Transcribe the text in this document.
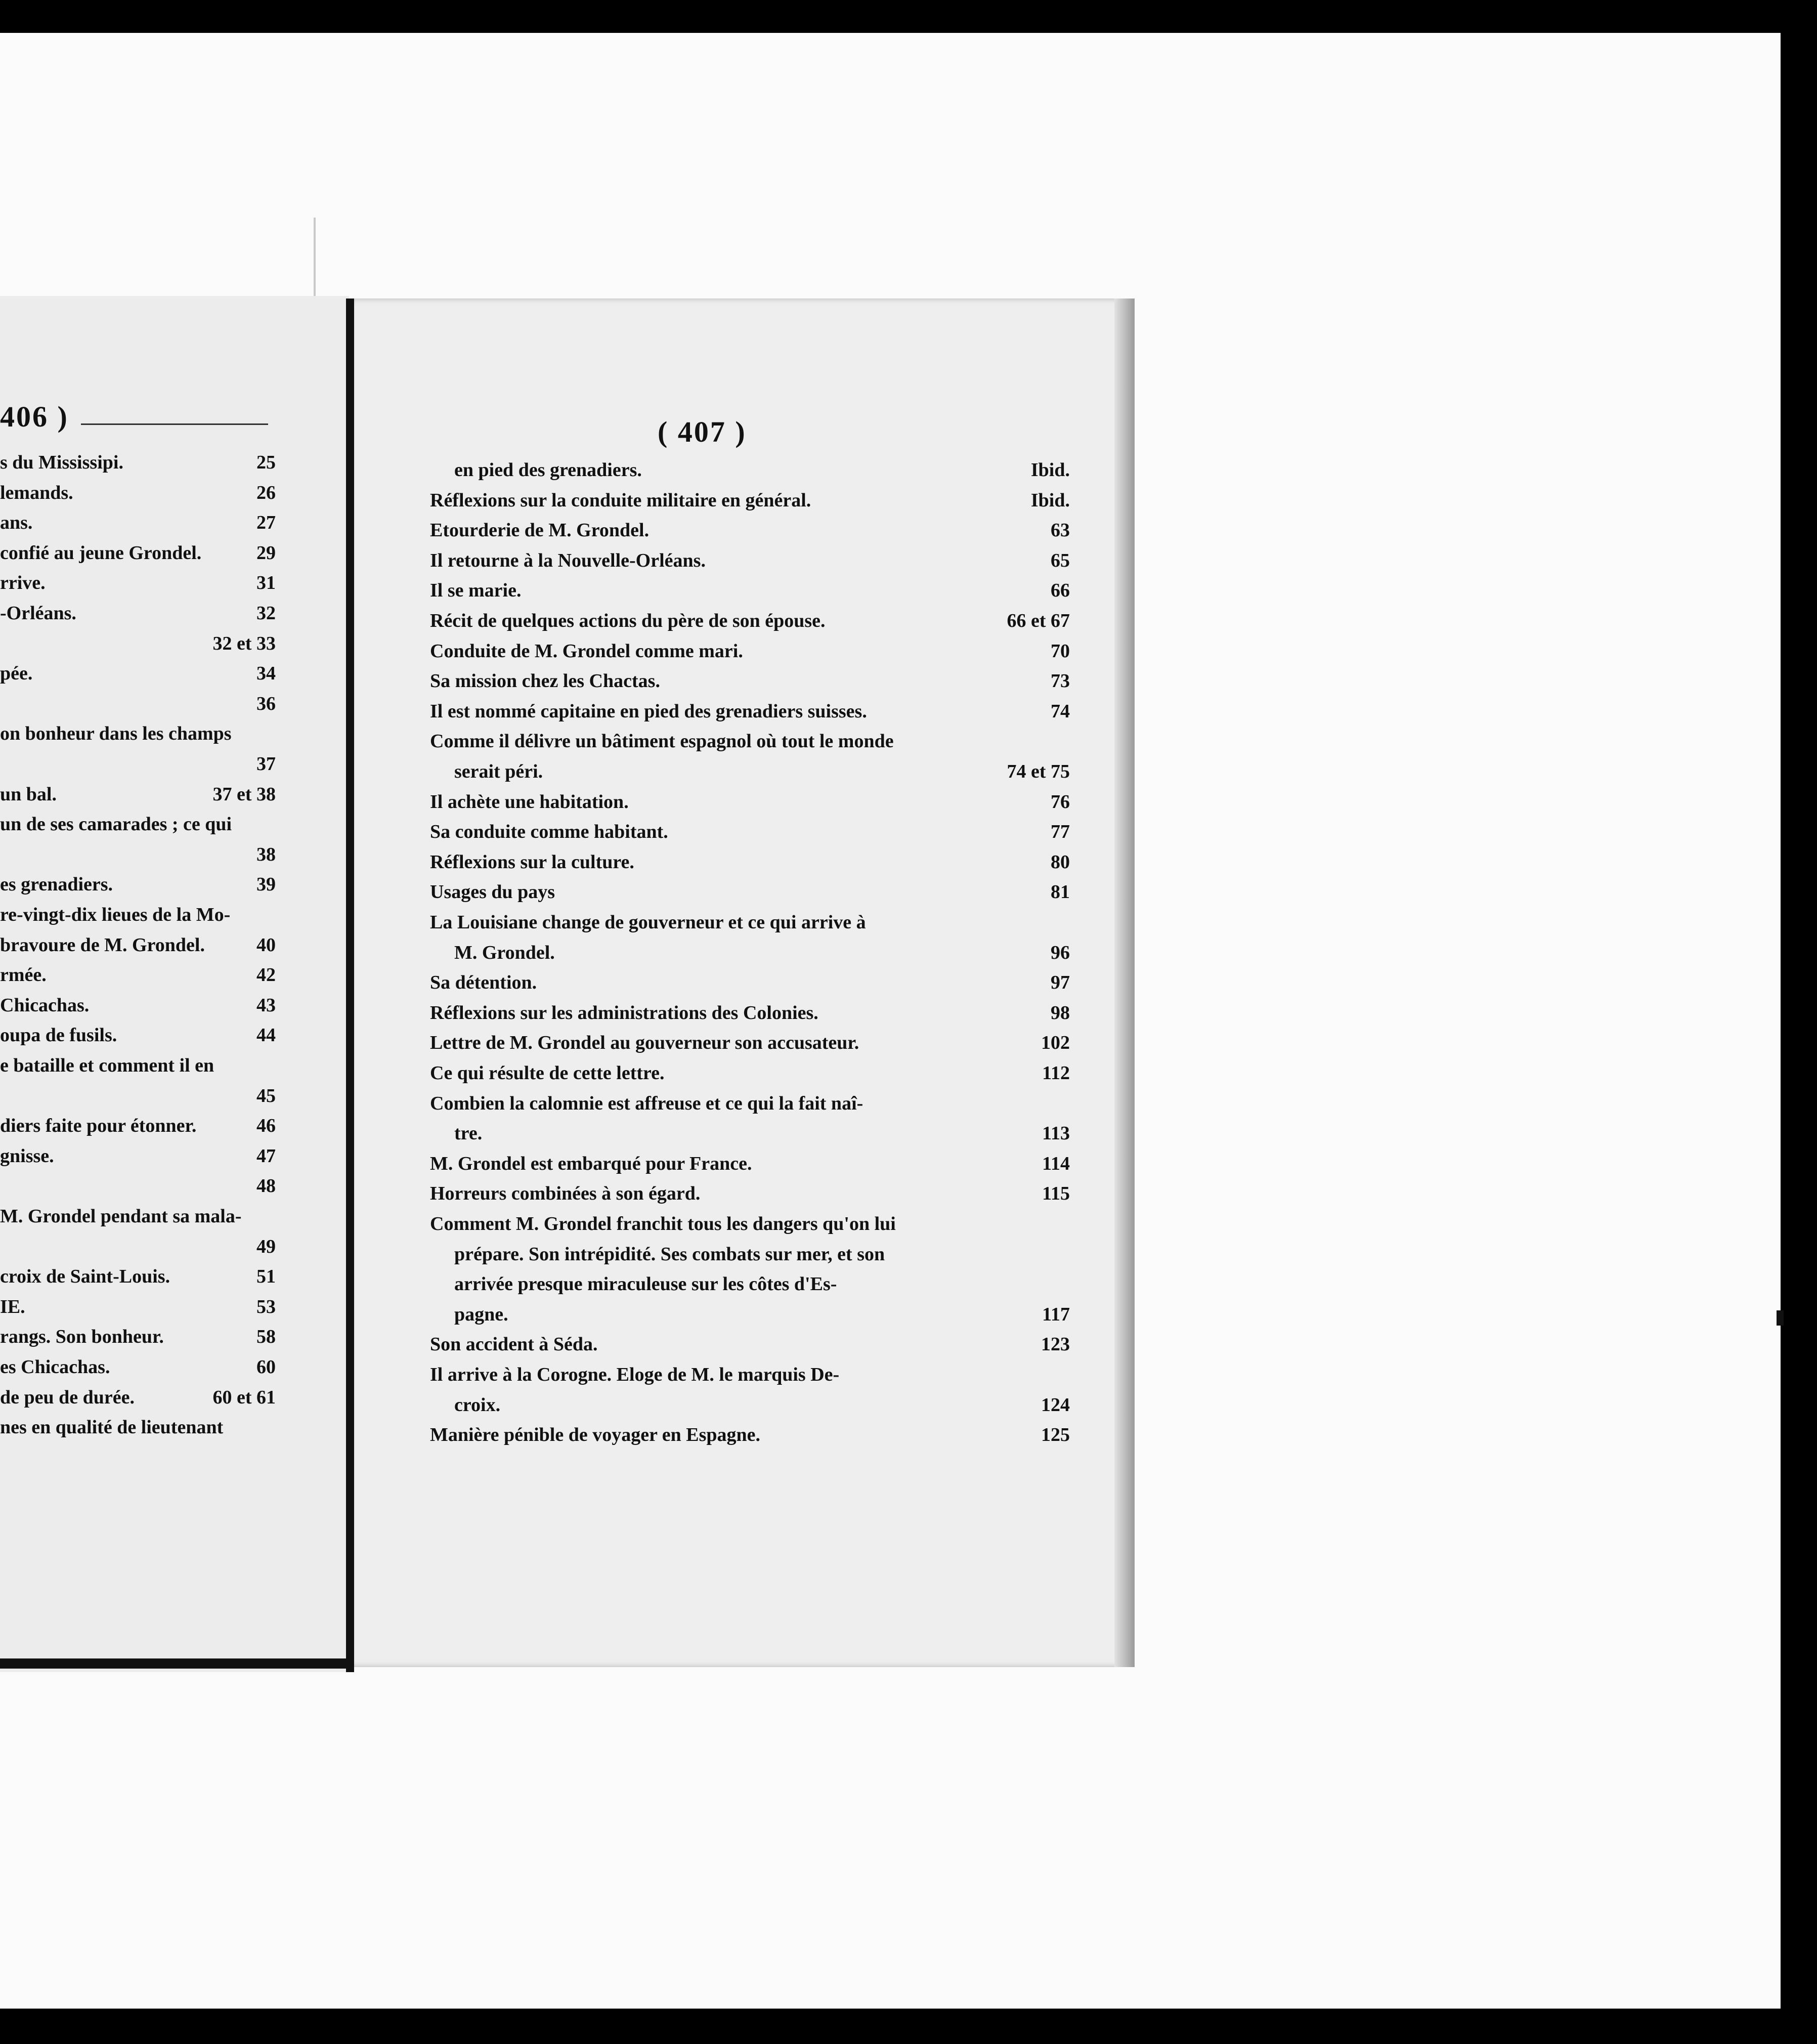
406 )
s du Mississipi.	25
lemands.	26
ans.	27
confié au jeune Grondel.	29
rrive.	31
-Orléans.	32
32 et 33
pée.	34
36
on bonheur dans les champs
37
un bal.	37 et 38
un de ses camarades ; ce qui
38
es grenadiers.	39
re-vingt-dix lieues de la Mo-
bravoure de M. Grondel.	40
rmée.	42
Chicachas.	43
oupa de fusils.	44
e bataille et comment il en
45
diers faite pour étonner.	46
gnisse.	47
48
M. Grondel pendant sa mala-
49
croix de Saint-Louis.	51
IE.	53
rangs. Son bonheur.	58
es Chicachas.	60
de peu de durée.	60 et 61
nes en qualité de lieutenant
( 407 )
en pied des grenadiers.	Ibid.
Réflexions sur la conduite militaire en général.	Ibid.
Etourderie de M. Grondel.	63
Il retourne à la Nouvelle-Orléans.	65
Il se marie.	66
Récit de quelques actions du père de son épouse.	66 et 67
Conduite de M. Grondel comme mari.	70
Sa mission chez les Chactas.	73
Il est nommé capitaine en pied des grenadiers suisses.	74
Comme il délivre un bâtiment espagnol où tout le monde
serait péri.	74 et 75
Il achète une habitation.	76
Sa conduite comme habitant.	77
Réflexions sur la culture.	80
Usages du pays	81
La Louisiane change de gouverneur et ce qui arrive à
M. Grondel.	96
Sa détention.	97
Réflexions sur les administrations des Colonies.	98
Lettre de M. Grondel au gouverneur son accusateur.	102
Ce qui résulte de cette lettre.	112
Combien la calomnie est affreuse et ce qui la fait naî-
tre.	113
M. Grondel est embarqué pour France.	114
Horreurs combinées à son égard.	115
Comment M. Grondel franchit tous les dangers qu'on lui
prépare. Son intrépidité. Ses combats sur mer, et son
arrivée presque miraculeuse sur les côtes d'Es-
pagne.	117
Son accident à Séda.	123
Il arrive à la Corogne. Eloge de M. le marquis De-
croix.	124
Manière pénible de voyager en Espagne.	125
